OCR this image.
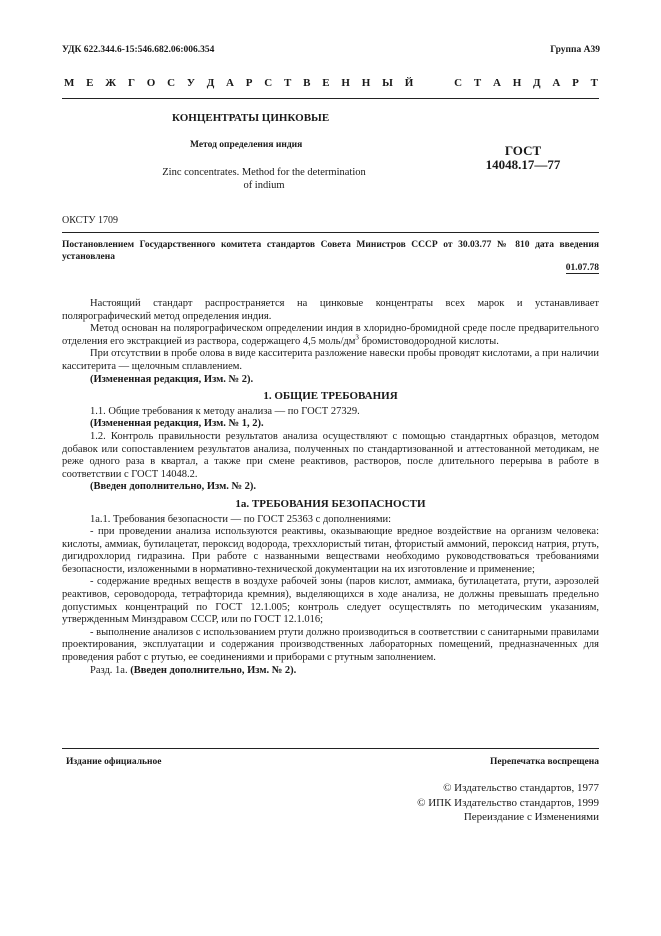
УДК 622.344.6-15:546.682.06:006.354	Группа А39
М Е Ж Г О С У Д А Р С Т В Е Н Н Ы Й

	С Т А Н Д А Р Т
КОНЦЕНТРАТЫ ЦИНКОВЫЕ
Метод определения индия
Zinc concentrates. Method for the determination
of indium
ГОСТ
14048.17—77
ОКСТУ 1709
Постановлением Государственного комитета стандартов Совета Министров СССР от 30.03.77 № 810 дата введения установлена
01.07.78

Настоящий стандарт распространяется на цинковые концентраты всех марок и устанавливает полярографический метод определения индия.

Метод основан на полярографическом определении индия в хлоридно-бромидной среде после предварительного отделения его экстракцией из раствора, содержащего 4,5 моль/$дм^3$ бромистоводородной кислоты.

При отсутствии в пробе олова в виде касситерита разложение навески пробы проводят кислотами, а при наличии касситерита — щелочным сплавлением.

(Измененная редакция, Изм. № 2).

1. ОБЩИЕ ТРЕБОВАНИЯ

1.1. Общие требования к методу анализа — по ГОСТ 27329.

(Измененная редакция, Изм. № 1, 2).

1.2. Контроль правильности результатов анализа осуществляют с помощью стандартных образцов, методом добавок или сопоставлением результатов анализа, полученных по стандартизованной и аттестованной методикам, не реже одного раза в квартал, а также при смене реактивов, растворов, после длительного перерыва в работе в соответствии с ГОСТ 14048.2.

(Введен дополнительно, Изм. № 2).

1а. ТРЕБОВАНИЯ БЕЗОПАСНОСТИ

1а.1. Требования безопасности — по ГОСТ 25363 с дополнениями:

- при проведении анализа используются реактивы, оказывающие вредное воздействие на организм человека: кислоты, аммиак, бутилацетат, пероксид водорода, треххлористый титан, фтористый аммоний, пероксид натрия, ртуть, дигидрохлорид гидразина. При работе с названными веществами необходимо руководствоваться требованиями безопасности, изложенными в нормативно-технической документации на их изготовление и применение;

- содержание вредных веществ в воздухе рабочей зоны (паров кислот, аммиака, бутилацетата, ртути, аэрозолей реактивов, сероводорода, тетрафторида кремния), выделяющихся в ходе анализа, не должны превышать предельно допустимых концентраций по ГОСТ 12.1.005; контроль следует осуществлять по методическим указаниям, утвержденным Минздравом СССР, или по ГОСТ 12.1.016;

- выполнение анализов с использованием ртути должно производиться в соответствии с санитарными правилами проектирования, эксплуатации и содержания производственных лабораторных помещений, предназначенных для проведения работ с ртутью, ее соединениями и приборами с ртутным заполнением.

Разд. 1а. (Введен дополнительно, Изм. № 2).

Издание официальное	Перепечатка воспрещена
© Издательство стандартов, 1977
© ИПК Издательство стандартов, 1999
Переиздание с Изменениями
